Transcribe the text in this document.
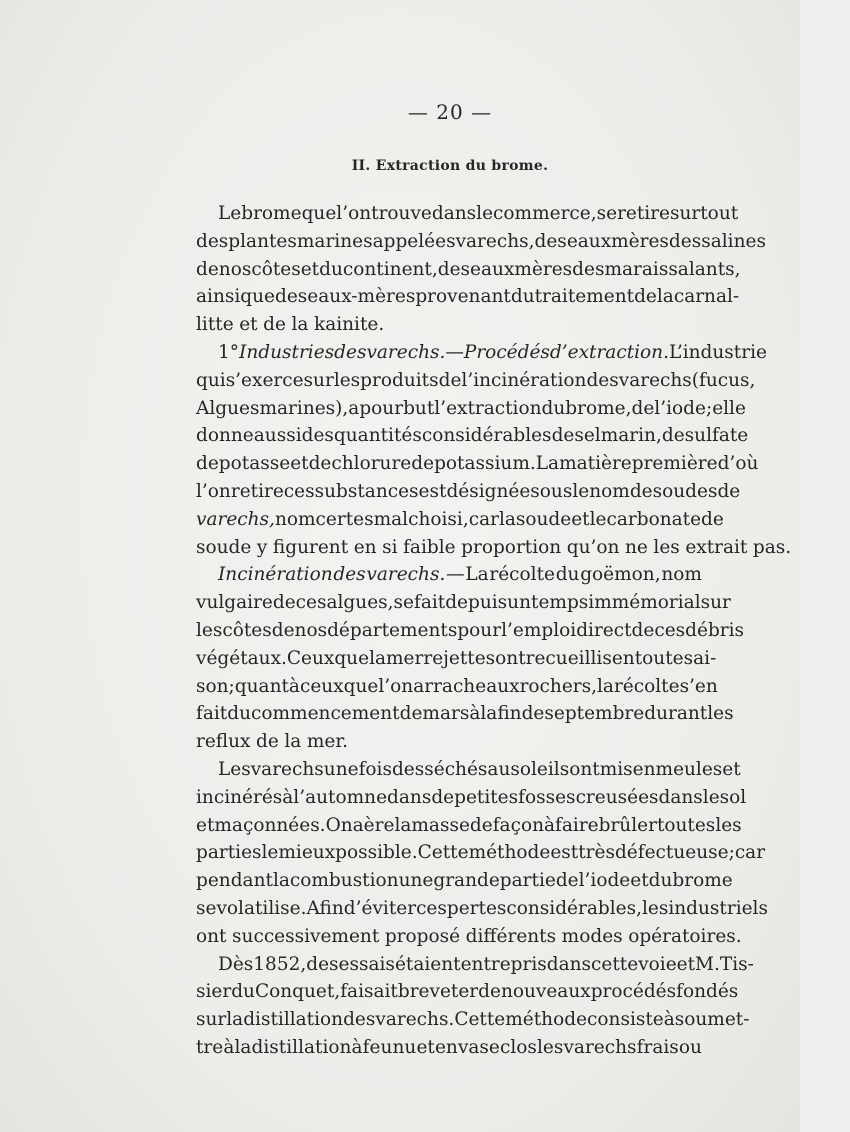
— 20 —
II. Extraction du brome.
Le brome que l’on trouve dans le commerce, se retire surtout
des plantes marines appelées varechs, des eaux mères des salines
de nos côtes et du continent, des eaux mères des marais salants,
ainsi que des eaux-mères provenant du traitement de la carnal-
litte et de la kainite.
1° Industries des varechs. — Procédés d’extraction. L’industrie
qui s’exerce sur les produits de l’incinération des varechs (fucus,
Algues marines), a pour but l’extraction du brome, de l’iode; elle
donne aussi des quantités considérables de sel marin, de sulfate
de potasse et de chlorure de potassium. La matière première d’où
l’on retire ces substances est désignée sous le nom de soudes de
varechs, nom certes mal choisi, car la soude et le carbonate de
soude y figurent en si faible proportion qu’on ne les extrait pas.
Incinération des varechs. — La récolte du goëmon, nom
vulgaire de ces algues, se fait depuis un temps immémorial sur
les côtes de nos départements pour l’emploi direct de ces débris
végétaux. Ceux que la mer rejette sont recueillis en toute sai-
son; quant à ceux que l’on arrache aux rochers, la récolte s’en
fait du commencement de mars à la fin de septembre durant les
reflux de la mer.
Les varechs une fois desséchés au soleil sont mis en meules et
incinérés à l’automne dans de petites fosses creusées dans le sol
et maçonnées. On aère la masse de façon à faire brûler toutes les
parties le mieux possible. Cette méthode est très défectueuse; car
pendant la combustion une grande partie de l’iode et du brome
se volatilise. Afin d’éviter ces pertes considérables, les industriels
ont successivement proposé différents modes opératoires.
Dès 1852, des essais étaient entrepris dans cette voie et M. Tis-
sier du Conquet, faisait breveter de nouveaux procédés fondés
sur la distillation des varechs. Cette méthode consiste à soumet-
tre à la distillation à feu nu et en vase clos les varechs frais ou
